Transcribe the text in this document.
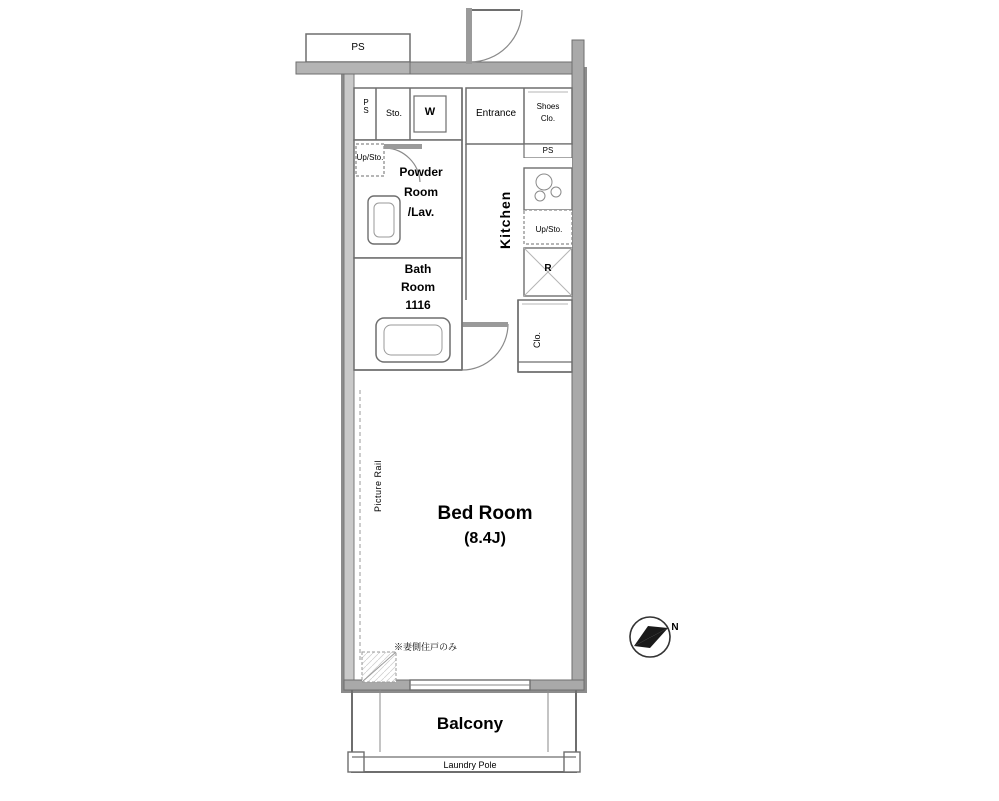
PS
P
S	Sto.	W
Up/Sto.
Powder
Room
/Lav.
Bath
Room
1116
Entrance
Shoes
Clo.
PS
Up/Sto.
Kitchen
R
Clo.
Bed Room
(8.4J)
Picture Rail
※妻側住戸のみ
Balcony
Laundry Pole
N
